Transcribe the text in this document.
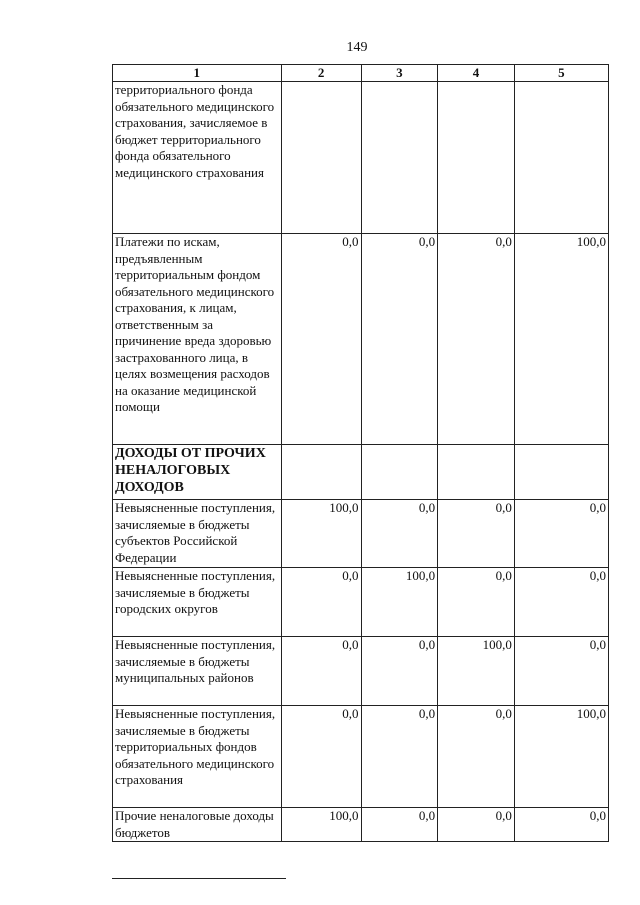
149
1	2	3	4	5
территориального фонда обязательного медицинского страхования, зачисляемое в бюджет территориального фонда обязательного медицинского страхования				
Платежи по искам, предъявленным территориальным фондом обязательного медицинского страхования, к лицам, ответственным за причинение вреда здоровью застрахованного лица, в целях возмещения расходов на оказание медицинской помощи	0,0	0,0	0,0	100,0
ДОХОДЫ ОТ ПРОЧИХ НЕНАЛОГОВЫХ ДОХОДОВ				
Невыясненные поступления, зачисляемые в бюджеты субъектов Российской Федерации	100,0	0,0	0,0	0,0
Невыясненные поступления, зачисляемые в бюджеты городских округов	0,0	100,0	0,0	0,0
Невыясненные поступления, зачисляемые в бюджеты муниципальных районов	0,0	0,0	100,0	0,0
Невыясненные поступления, зачисляемые в бюджеты территориальных фондов обязательного медицинского страхования	0,0	0,0	0,0	100,0
Прочие неналоговые доходы бюджетов	100,0	0,0	0,0	0,0
